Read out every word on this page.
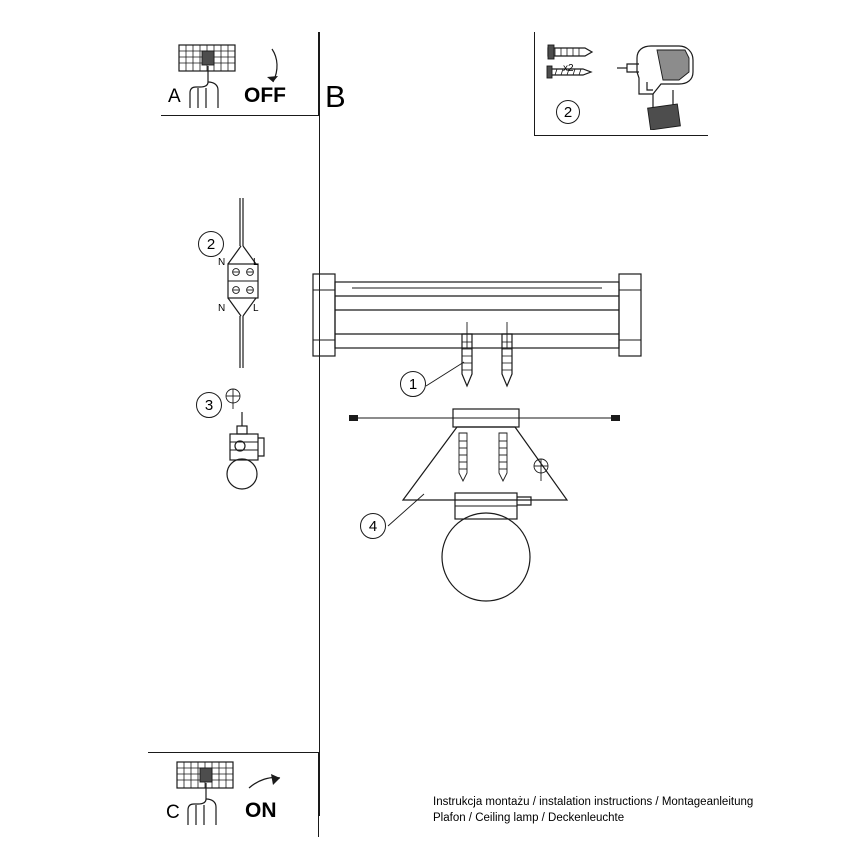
A	OFF B
x2
2
2
N	L
N	L
3
1
4
C	ON	Instrukcja montażu / instalation instructions / Montageanleitung
Plafon / Ceiling lamp / Deckenleuchte
